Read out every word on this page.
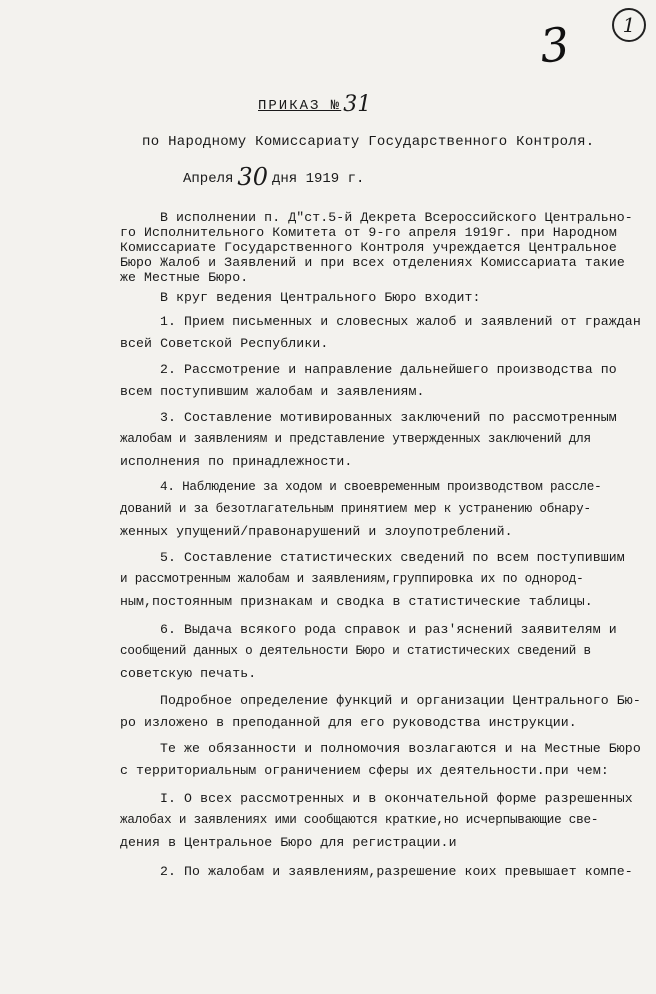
3	1
ПРИКАЗ №31
по Народному Комиссариату Государственного Контроля.
Апреля 30 дня 1919 г.
В исполнении п. Д"ст.5-й Декрета Всероссийского Центрально-
го Исполнительного Комитета от 9-го апреля 1919г. при Народном
Комиссариате Государственного Контроля учреждается Центральное
Бюро Жалоб и Заявлений и при всех отделениях Комиссариата такие
же Местные Бюро.
В круг ведения Центрального Бюро входит:
1. Прием письменных и словесных жалоб и заявлений от граждан
всей Советской Республики.
2. Рассмотрение и направление дальнейшего производства по
всем поступившим жалобам и заявлениям.
3. Составление мотивированных заключений по рассмотренным
жалобам и заявлениям и представление утвержденных заключений для
исполнения по принадлежности.
4. Наблюдение за ходом и своевременным производством рассле-
дований и за безотлагательным принятием мер к устранению обнару-
женных упущений/правонарушений и злоупотреблений.
5. Составление статистических сведений по всем поступившим
и рассмотренным жалобам и заявлениям,группировка их по однород-
ным,постоянным признакам и сводка в статистические таблицы.
6. Выдача всякого рода справок и раз'яснений заявителям и
сообщений данных о деятельности Бюро и статистических сведений в
советскую печать.
Подробное определение функций и организации Центрального Бю-
ро изложено в преподанной для его руководства инструкции.
Те же обязанности и полномочия возлагаются и на Местные Бюро
с территориальным ограничением сферы их деятельности.при чем:
I. О всех рассмотренных и в окончательной форме разрешенных
жалобах и заявлениях ими сообщаются краткие,но исчерпывающие све-
дения в Центральное Бюро для регистрации.и
2. По жалобам и заявлениям,разрешение коих превышает компе-
